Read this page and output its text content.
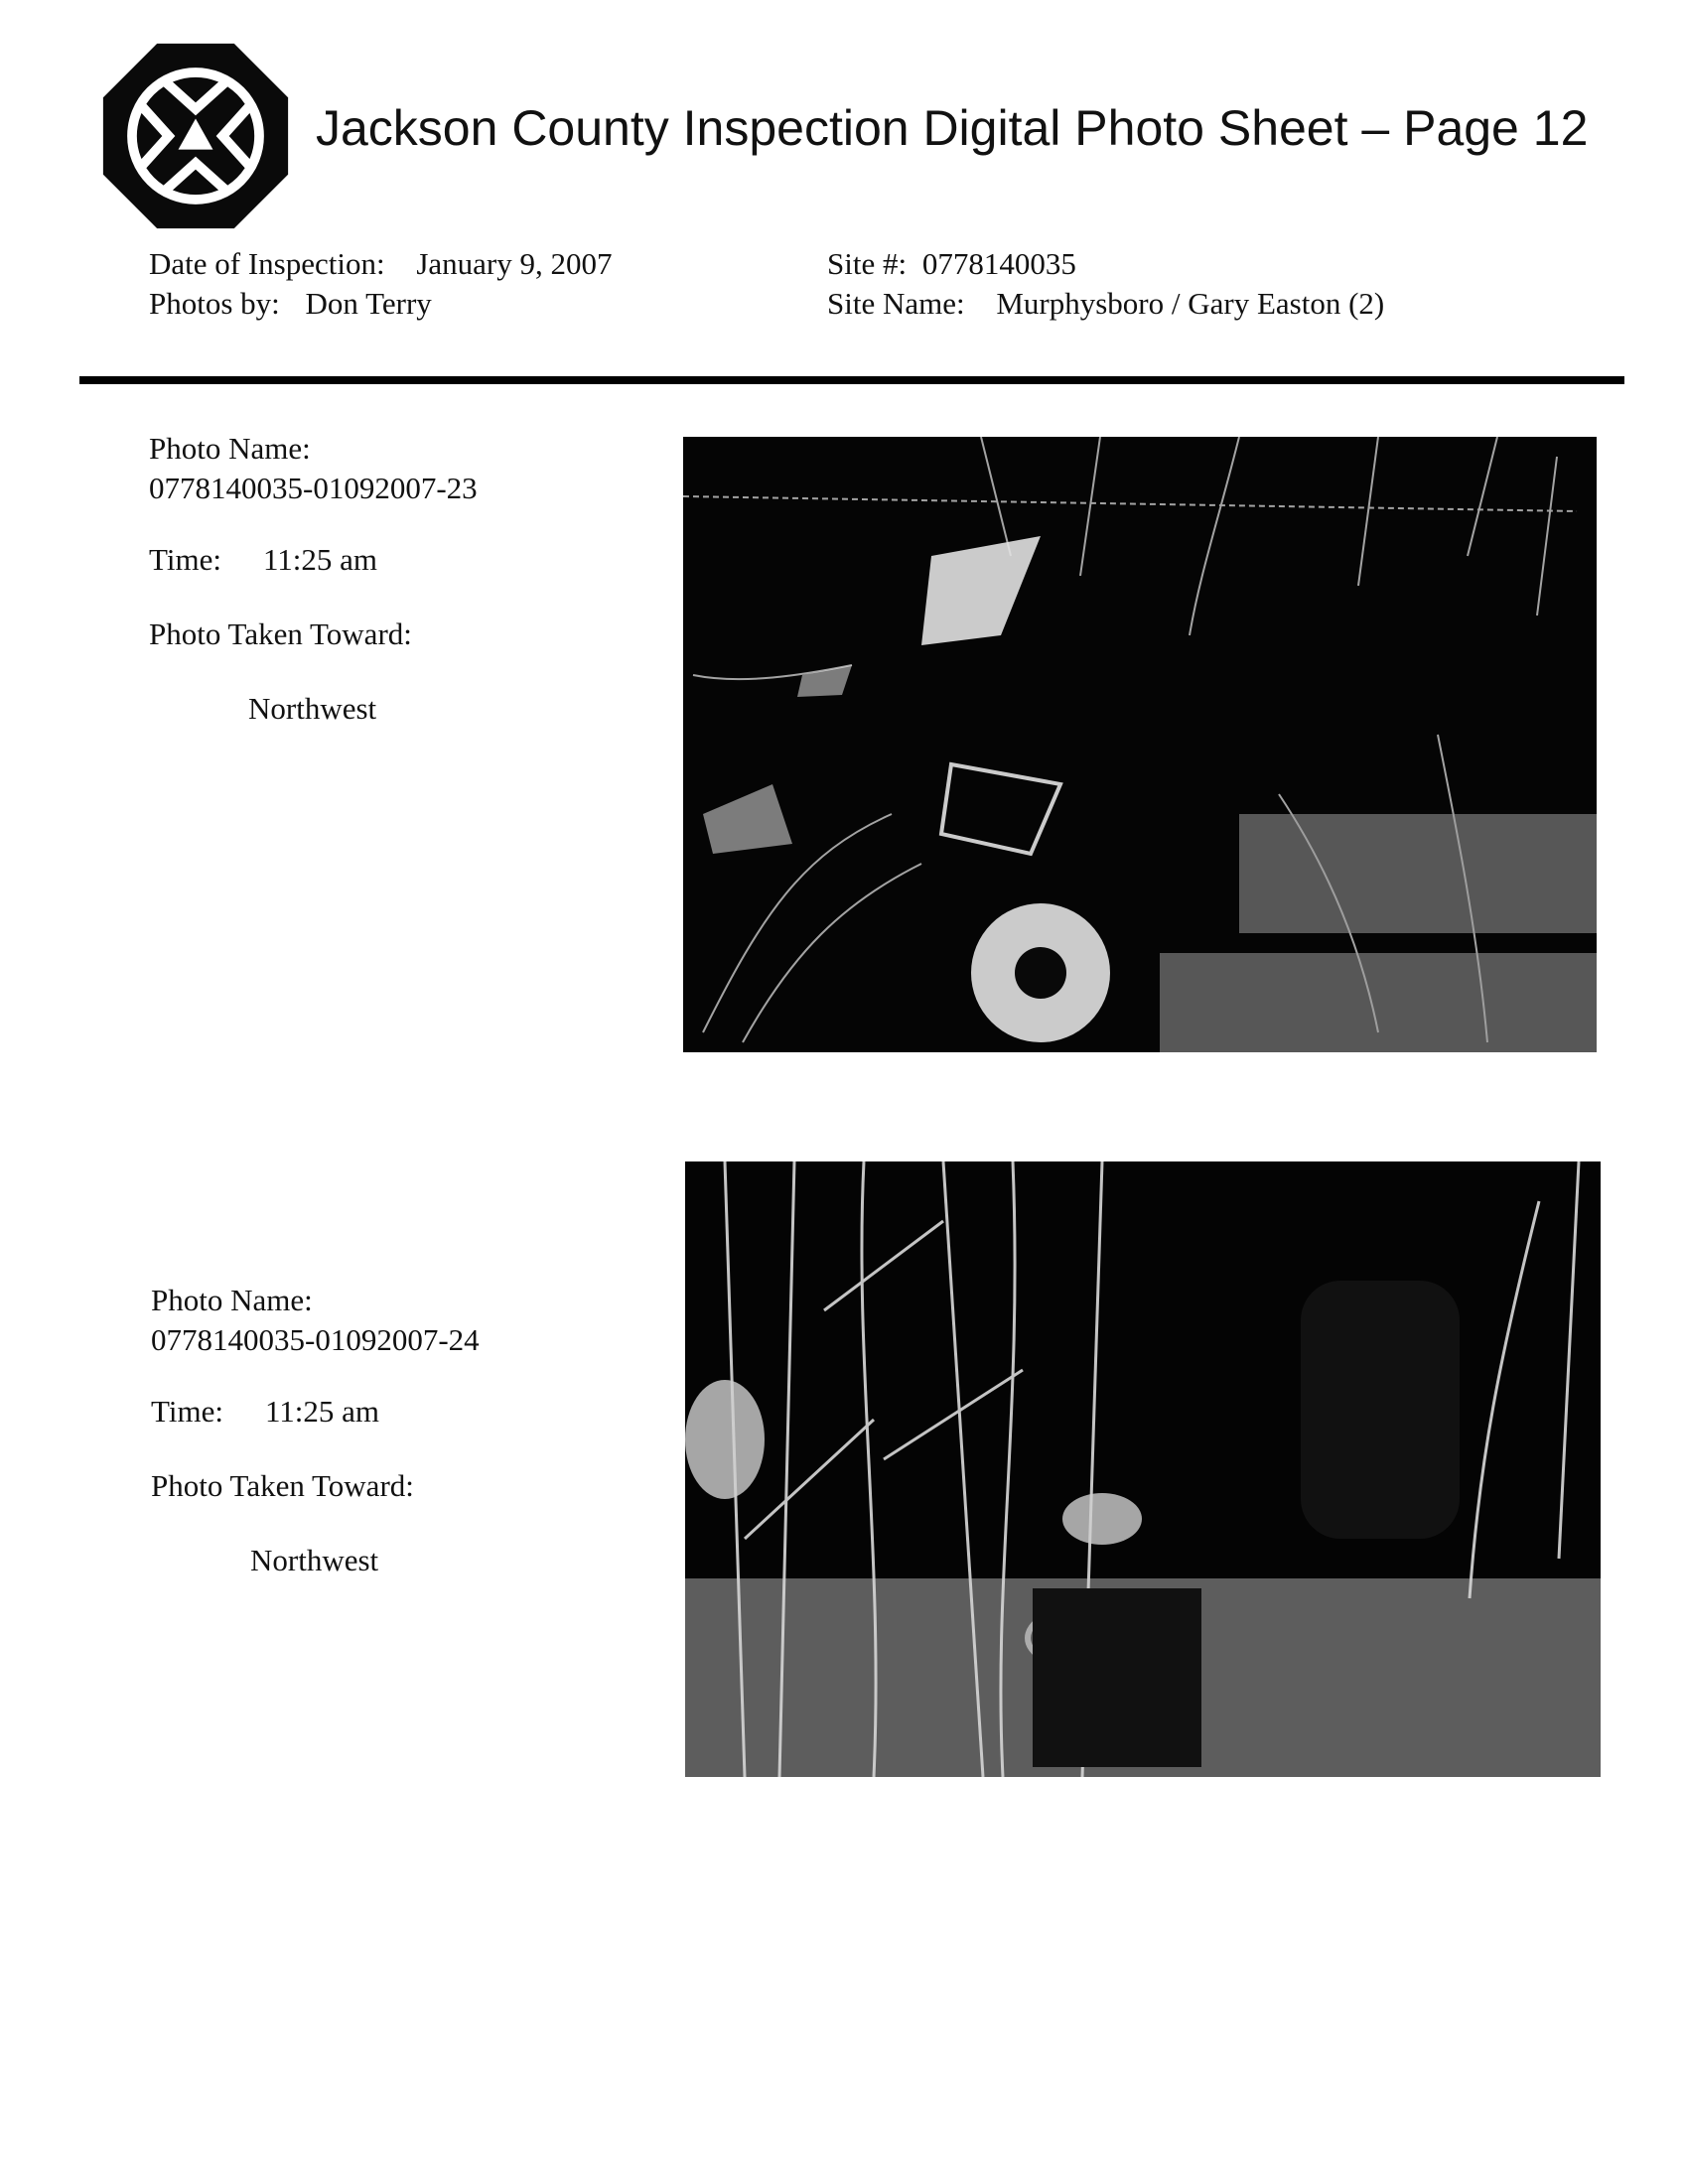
Jackson County Inspection Digital Photo Sheet – Page 12
Date of Inspection: January 9, 2007
Photos by: Don Terry
Site #: 0778140035
Site Name: Murphysboro / Gary Easton (2)
Photo Name:
0778140035-01092007-23
Time: 11:25 am
Photo Taken Toward:
Northwest
Photo Name:
0778140035-01092007-24
Time: 11:25 am
Photo Taken Toward:
Northwest
